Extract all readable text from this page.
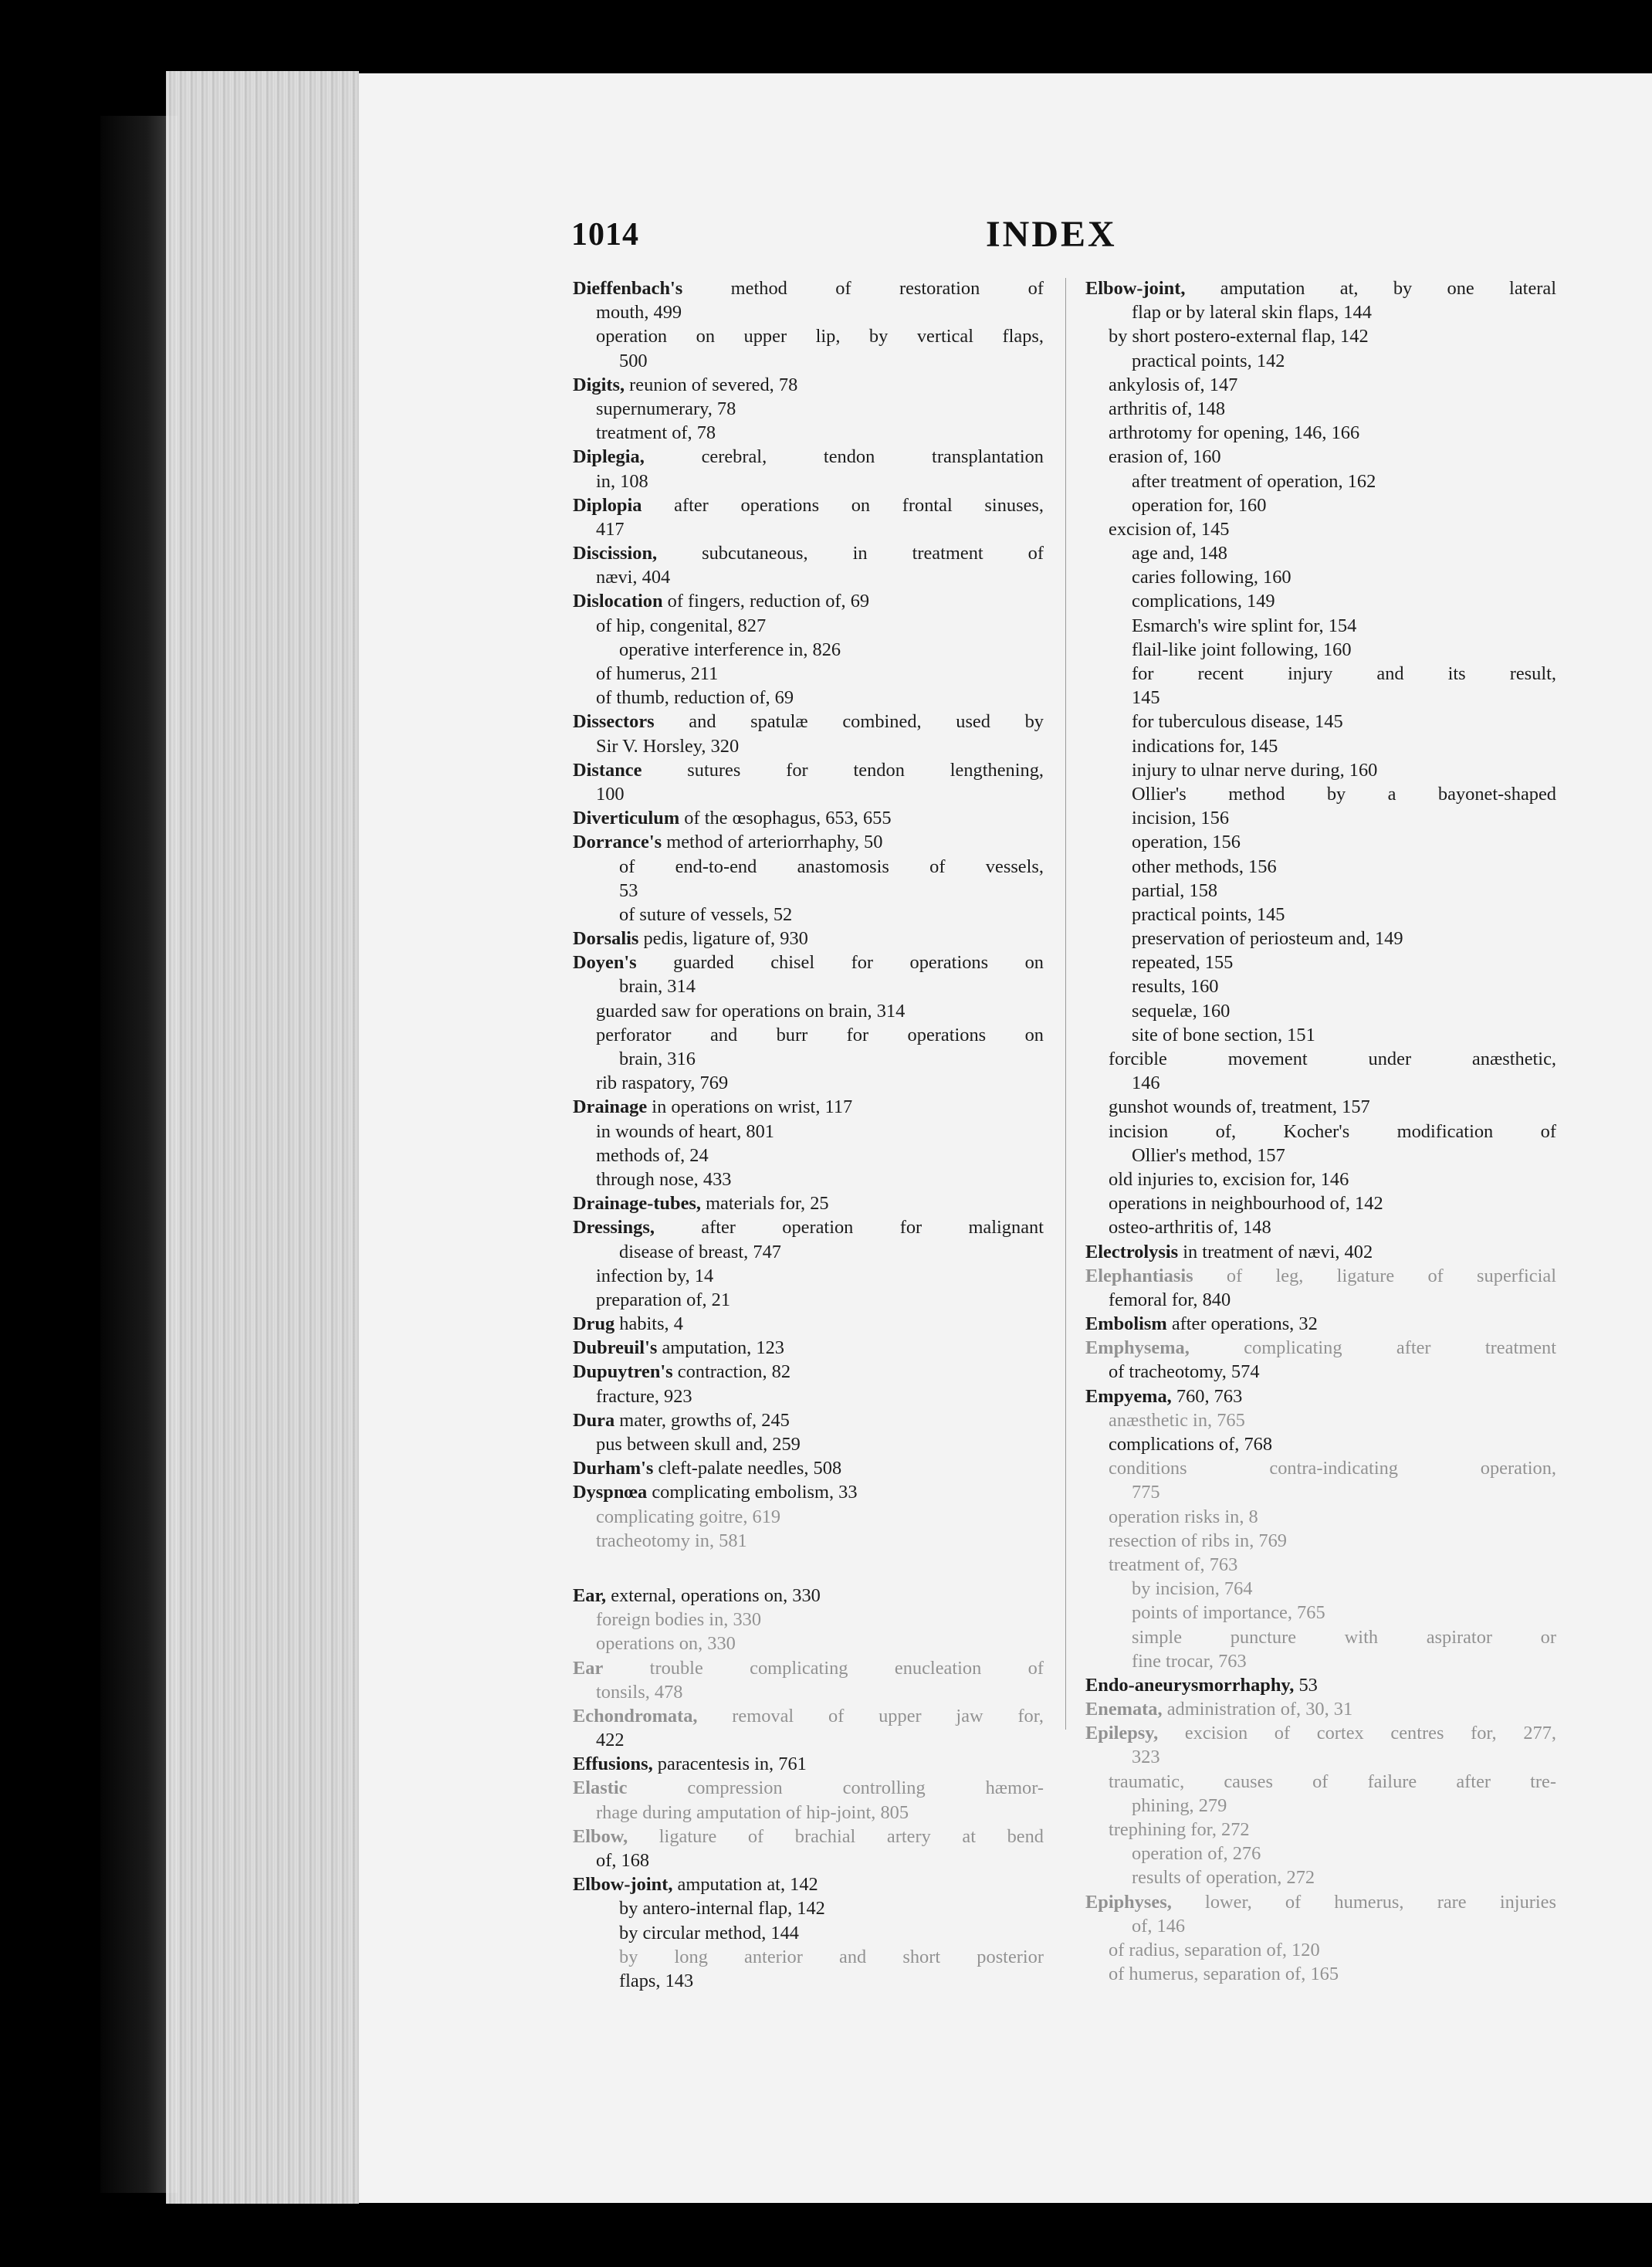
1014	INDEX
Dieffenbach's method of restoration of
mouth, 499
operation on upper lip, by vertical flaps,
500
Digits, reunion of severed, 78
supernumerary, 78
treatment of, 78
Diplegia, cerebral, tendon transplantation
in, 108
Diplopia after operations on frontal sinuses,
417
Discission, subcutaneous, in treatment of
nævi, 404
Dislocation of fingers, reduction of, 69
of hip, congenital, 827
operative interference in, 826
of humerus, 211
of thumb, reduction of, 69
Dissectors and spatulæ combined, used by
Sir V. Horsley, 320
Distance sutures for tendon lengthening,
100
Diverticulum of the œsophagus, 653, 655
Dorrance's method of arteriorrhaphy, 50
of end-to-end anastomosis of vessels,
53
of suture of vessels, 52
Dorsalis pedis, ligature of, 930
Doyen's guarded chisel for operations on
brain, 314
guarded saw for operations on brain, 314
perforator and burr for operations on
brain, 316
rib raspatory, 769
Drainage in operations on wrist, 117
in wounds of heart, 801
methods of, 24
through nose, 433
Drainage-tubes, materials for, 25
Dressings, after operation for malignant
disease of breast, 747
infection by, 14
preparation of, 21
Drug habits, 4
Dubreuil's amputation, 123
Dupuytren's contraction, 82
fracture, 923
Dura mater, growths of, 245
pus between skull and, 259
Durham's cleft-palate needles, 508
Dyspnœa complicating embolism, 33
complicating goitre, 619
tracheotomy in, 581
Ear, external, operations on, 330
foreign bodies in, 330
operations on, 330
Ear trouble complicating enucleation of
tonsils, 478
Echondromata, removal of upper jaw for,
422
Effusions, paracentesis in, 761
Elastic compression controlling hæmor-
rhage during amputation of hip-joint, 805
Elbow, ligature of brachial artery at bend
of, 168
Elbow-joint, amputation at, 142
by antero-internal flap, 142
by circular method, 144
by long anterior and short posterior
flaps, 143
Elbow-joint, amputation at, by one lateral
flap or by lateral skin flaps, 144
by short postero-external flap, 142
practical points, 142
ankylosis of, 147
arthritis of, 148
arthrotomy for opening, 146, 166
erasion of, 160
after treatment of operation, 162
operation for, 160
excision of, 145
age and, 148
caries following, 160
complications, 149
Esmarch's wire splint for, 154
flail-like joint following, 160
for recent injury and its result,
145
for tuberculous disease, 145
indications for, 145
injury to ulnar nerve during, 160
Ollier's method by a bayonet-shaped
incision, 156
operation, 156
other methods, 156
partial, 158
practical points, 145
preservation of periosteum and, 149
repeated, 155
results, 160
sequelæ, 160
site of bone section, 151
forcible movement under anæsthetic,
146
gunshot wounds of, treatment, 157
incision of, Kocher's modification of
Ollier's method, 157
old injuries to, excision for, 146
operations in neighbourhood of, 142
osteo-arthritis of, 148
Electrolysis in treatment of nævi, 402
Elephantiasis of leg, ligature of superficial
femoral for, 840
Embolism after operations, 32
Emphysema, complicating after treatment
of tracheotomy, 574
Empyema, 760, 763
anæsthetic in, 765
complications of, 768
conditions contra-indicating operation,
775
operation risks in, 8
resection of ribs in, 769
treatment of, 763
by incision, 764
points of importance, 765
simple puncture with aspirator or
fine trocar, 763
Endo-aneurysmorrhaphy, 53
Enemata, administration of, 30, 31
Epilepsy, excision of cortex centres for, 277,
323
traumatic, causes of failure after tre-
phining, 279
trephining for, 272
operation of, 276
results of operation, 272
Epiphyses, lower, of humerus, rare injuries
of, 146
of radius, separation of, 120
of humerus, separation of, 165
